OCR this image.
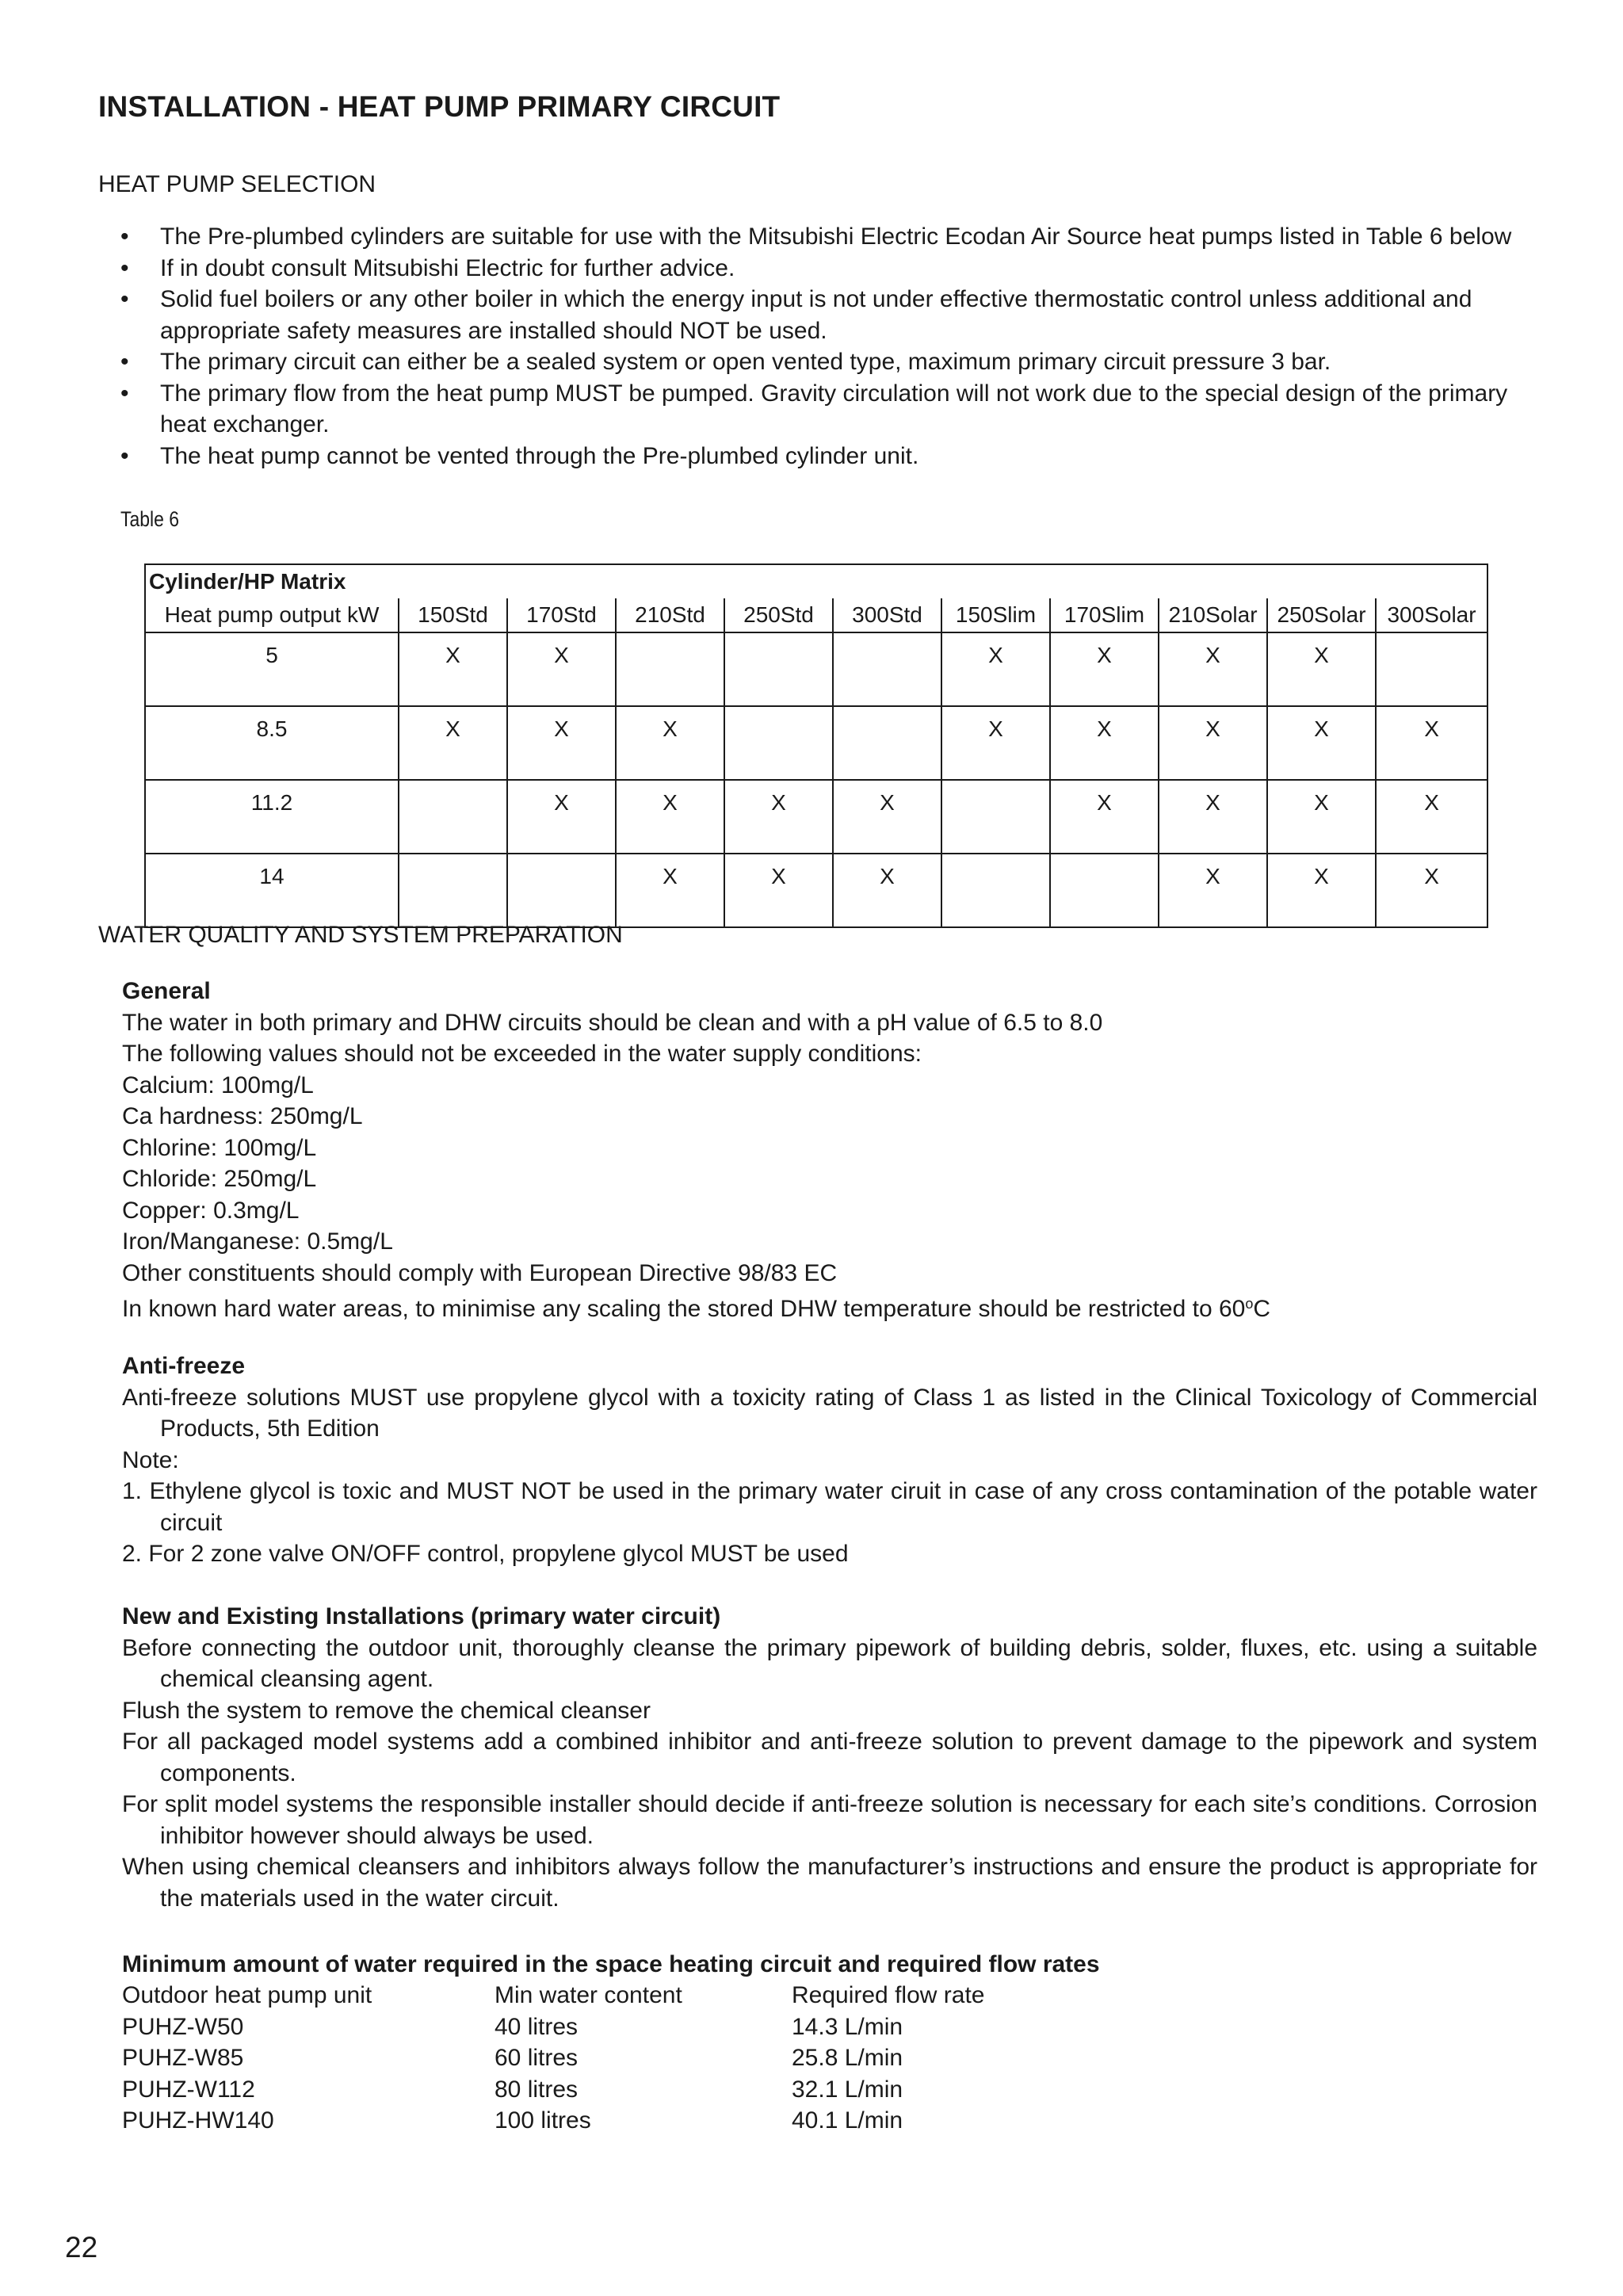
INSTALLATION - HEAT PUMP PRIMARY CIRCUIT
HEAT PUMP SELECTION
• The Pre-plumbed cylinders are suitable for use with the Mitsubishi Electric Ecodan Air Source heat pumps listed in Table 6 below
• If in doubt consult Mitsubishi Electric for further advice.
• Solid fuel boilers or any other boiler in which the energy input is not under effective thermostatic control unless additional and appropriate safety measures are installed should NOT be used.
• The primary circuit can either be a sealed system or open vented type, maximum primary circuit pressure 3 bar.
• The primary flow from the heat pump MUST be pumped. Gravity circulation will not work due to the special design of the primary heat exchanger.
• The heat pump cannot be vented through the Pre-plumbed cylinder unit.
Table 6
Cylinder/HP Matrix										
Heat pump output kW	150Std	170Std	210Std	250Std	300Std	150Slim	170Slim	210Solar	250Solar	300Solar
5	X	X				X	X	X	X	
8.5	X	X	X			X	X	X	X	X
11.2		X	X	X	X		X	X	X	X
14			X	X	X			X	X	X
WATER QUALITY AND SYSTEM PREPARATION
General
The water in both primary and DHW circuits should be clean and with a pH value of 6.5 to 8.0
The following values should not be exceeded in the water supply conditions:
Calcium: 100mg/L
Ca hardness: 250mg/L
Chlorine: 100mg/L
Chloride: 250mg/L
Copper: 0.3mg/L
Iron/Manganese: 0.5mg/L
Other constituents should comply with European Directive 98/83 EC
In known hard water areas, to minimise any scaling the stored DHW temperature should be restricted to 60$^o$C
Anti-freeze
Anti-freeze solutions MUST use propylene glycol with a toxicity rating of Class 1 as listed in the Clinical Toxicology of Commercial Products, 5th Edition
Note:
1. Ethylene glycol is toxic and MUST NOT be used in the primary water ciruit in case of any cross contamination of the potable water circuit
2. For 2 zone valve ON/OFF control, propylene glycol MUST be used
New and Existing Installations (primary water circuit)
Before connecting the outdoor unit, thoroughly cleanse the primary pipework of building debris, solder, fluxes, etc. using a suitable chemical cleansing agent.
Flush the system to remove the chemical cleanser
For all packaged model systems add a combined inhibitor and anti-freeze solution to prevent damage to the pipework and system components.
For split model systems the responsible installer should decide if anti-freeze solution is necessary for each site’s conditions. Corrosion inhibitor however should always be used.
When using chemical cleansers and inhibitors always follow the manufacturer’s instructions and ensure the product is appropriate for the materials used in the water circuit.
Minimum amount of water required in the space heating circuit and required flow rates
Outdoor heat pump unit	Min water content	Required flow rate
PUHZ-W50	40 litres	14.3 L/min
PUHZ-W85	60 litres	25.8 L/min
PUHZ-W112	80 litres	32.1 L/min
PUHZ-HW140	100 litres	40.1 L/min
22
